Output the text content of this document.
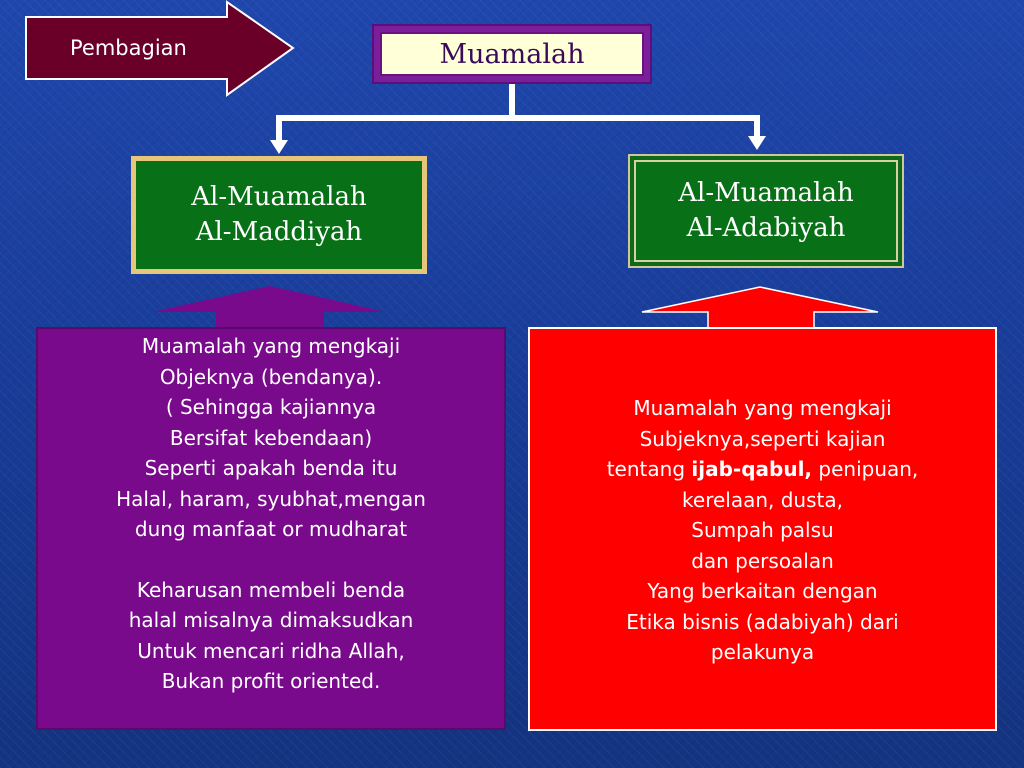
Pembagian	Muamalah
Al-Muamalah
Al-Maddiyah
Al-Muamalah
Al-Adabiyah
Muamalah yang mengkaji
Objeknya (bendanya).
( Sehingga kajiannya
Bersifat kebendaan)
Seperti apakah benda itu
Halal, haram, syubhat,mengan
dung manfaat or mudharat
Keharusan membeli benda
halal misalnya dimaksudkan
Untuk mencari ridha Allah,
Bukan profit oriented.
Muamalah yang mengkaji
Subjeknya,seperti kajian
tentang ijab-qabul, penipuan,
kerelaan, dusta,
Sumpah palsu
dan persoalan
Yang berkaitan dengan
Etika bisnis (adabiyah) dari
pelakunya
